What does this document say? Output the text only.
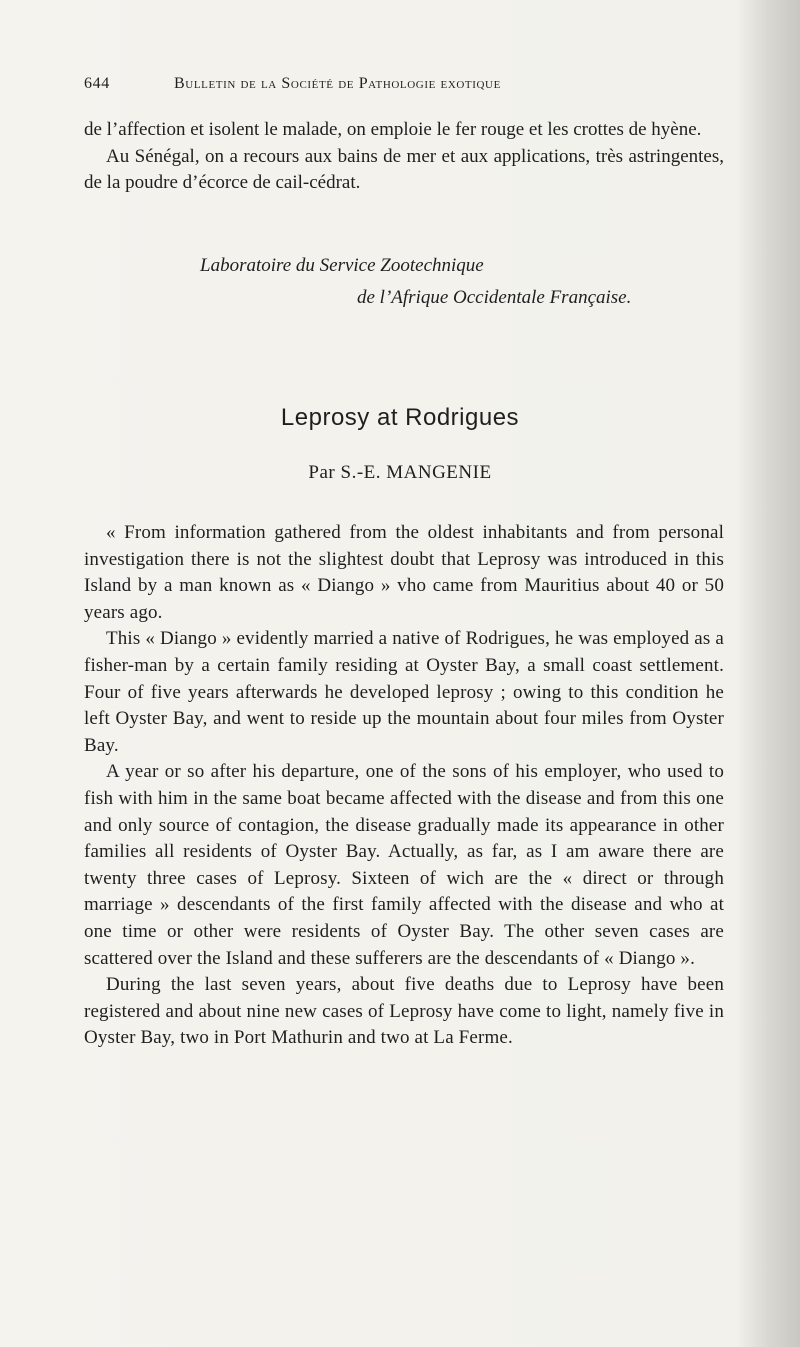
644	Bulletin de la Société de Pathologie exotique

de l’affection et isolent le malade, on emploie le fer rouge et les crottes de hyène.

Au Sénégal, on a recours aux bains de mer et aux applications, très astringentes, de la poudre d’écorce de cail-cédrat.

Laboratoire du Service Zootechnique
de l’Afrique Occidentale Française.
Leprosy at Rodrigues
Par S.-E. MANGENIE

« From information gathered from the oldest inhabitants and from personal investigation there is not the slightest doubt that Leprosy was introduced in this Island by a man known as « Diango » vho came from Mauritius about 40 or 50 years ago.

This « Diango » evidently married a native of Rodrigues, he was employed as a fisher-man by a certain family residing at Oyster Bay, a small coast settlement. Four of five years afterwards he developed leprosy ; owing to this condition he left Oyster Bay, and went to reside up the mountain about four miles from Oyster Bay.

A year or so after his departure, one of the sons of his employer, who used to fish with him in the same boat became affected with the disease and from this one and only source of contagion, the disease gradually made its appearance in other families all residents of Oyster Bay. Actually, as far, as I am aware there are twenty three cases of Leprosy. Sixteen of wich are the « direct or through marriage » descendants of the first family affected with the disease and who at one time or other were residents of Oyster Bay. The other seven cases are scattered over the Island and these sufferers are the descendants of « Diango ».

During the last seven years, about five deaths due to Leprosy have been registered and about nine new cases of Leprosy have come to light, namely five in Oyster Bay, two in Port Mathurin and two at La Ferme.
